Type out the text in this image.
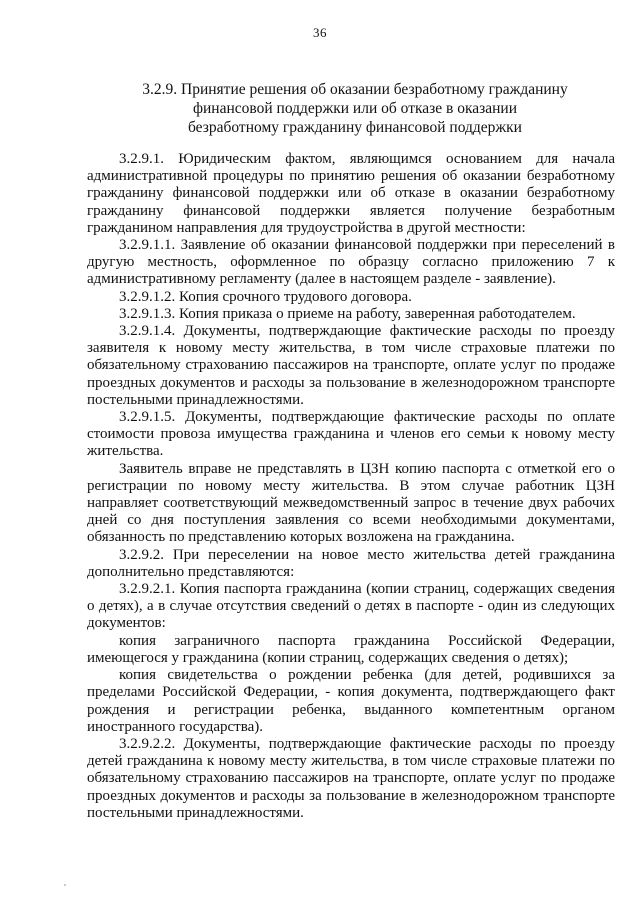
36
3.2.9. Принятие решения об оказании безработному гражданину
финансовой поддержки или об отказе в оказании
безработному гражданину финансовой поддержки

3.2.9.1. Юридическим фактом, являющимся основанием для начала административной процедуры по принятию решения об оказании безработному гражданину финансовой поддержки или об отказе в оказании безработному гражданину финансовой поддержки является получение безработным гражданином направления для трудоустройства в другой местности:

3.2.9.1.1. Заявление об оказании финансовой поддержки при переселений в другую местность, оформленное по образцу согласно приложению 7 к административному регламенту (далее в настоящем разделе - заявление).

3.2.9.1.2. Копия срочного трудового договора.

3.2.9.1.3. Копия приказа о приеме на работу, заверенная работодателем.

3.2.9.1.4. Документы, подтверждающие фактические расходы по проезду заявителя к новому месту жительства, в том числе страховые платежи по обязательному страхованию пассажиров на транспорте, оплате услуг по продаже проездных документов и расходы за пользование в железнодорожном транспорте постельными принадлежностями.

3.2.9.1.5. Документы, подтверждающие фактические расходы по оплате стоимости провоза имущества гражданина и членов его семьи к новому месту жительства.

Заявитель вправе не представлять в ЦЗН копию паспорта с отметкой его о регистрации по новому месту жительства. В этом случае работник ЦЗН направляет соответствующий межведомственный запрос в течение двух рабочих дней со дня поступления заявления со всеми необходимыми документами, обязанность по представлению которых возложена на гражданина.

3.2.9.2. При переселении на новое место жительства детей гражданина дополнительно представляются:

3.2.9.2.1. Копия паспорта гражданина (копии страниц, содержащих сведения о детях), а в случае отсутствия сведений о детях в паспорте - один из следующих документов:

копия заграничного паспорта гражданина Российской Федерации, имеющегося у гражданина (копии страниц, содержащих сведения о детях);

копия свидетельства о рождении ребенка (для детей, родившихся за пределами Российской Федерации, - копия документа, подтверждающего факт рождения и регистрации ребенка, выданного компетентным органом иностранного государства).

3.2.9.2.2. Документы, подтверждающие фактические расходы по проезду детей гражданина к новому месту жительства, в том числе страховые платежи по обязательному страхованию пассажиров на транспорте, оплате услуг по продаже проездных документов и расходы за пользование в железнодорожном транспорте постельными принадлежностями.
